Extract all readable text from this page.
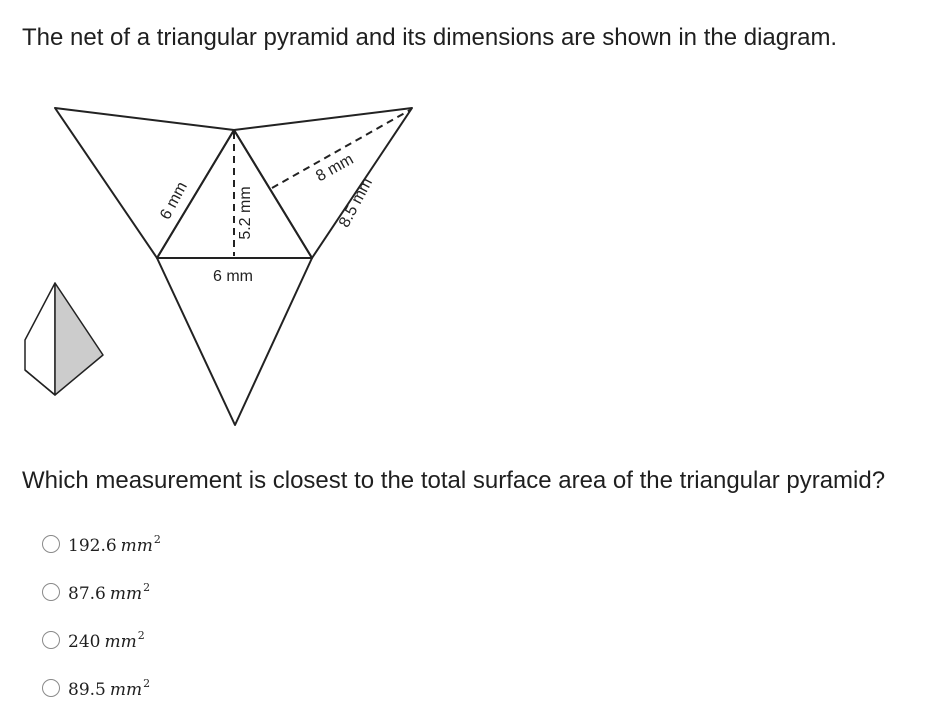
The net of a triangular pyramid and its dimensions are shown in the diagram.
6 mm	5.2 mm
6 mm
8 mm
8.5 mm
Which measurement is closest to the total surface area of the triangular pyramid?
192.6 $mm^2$
87.6 $mm^2$
240 $mm^2$
89.5 $mm^2$
